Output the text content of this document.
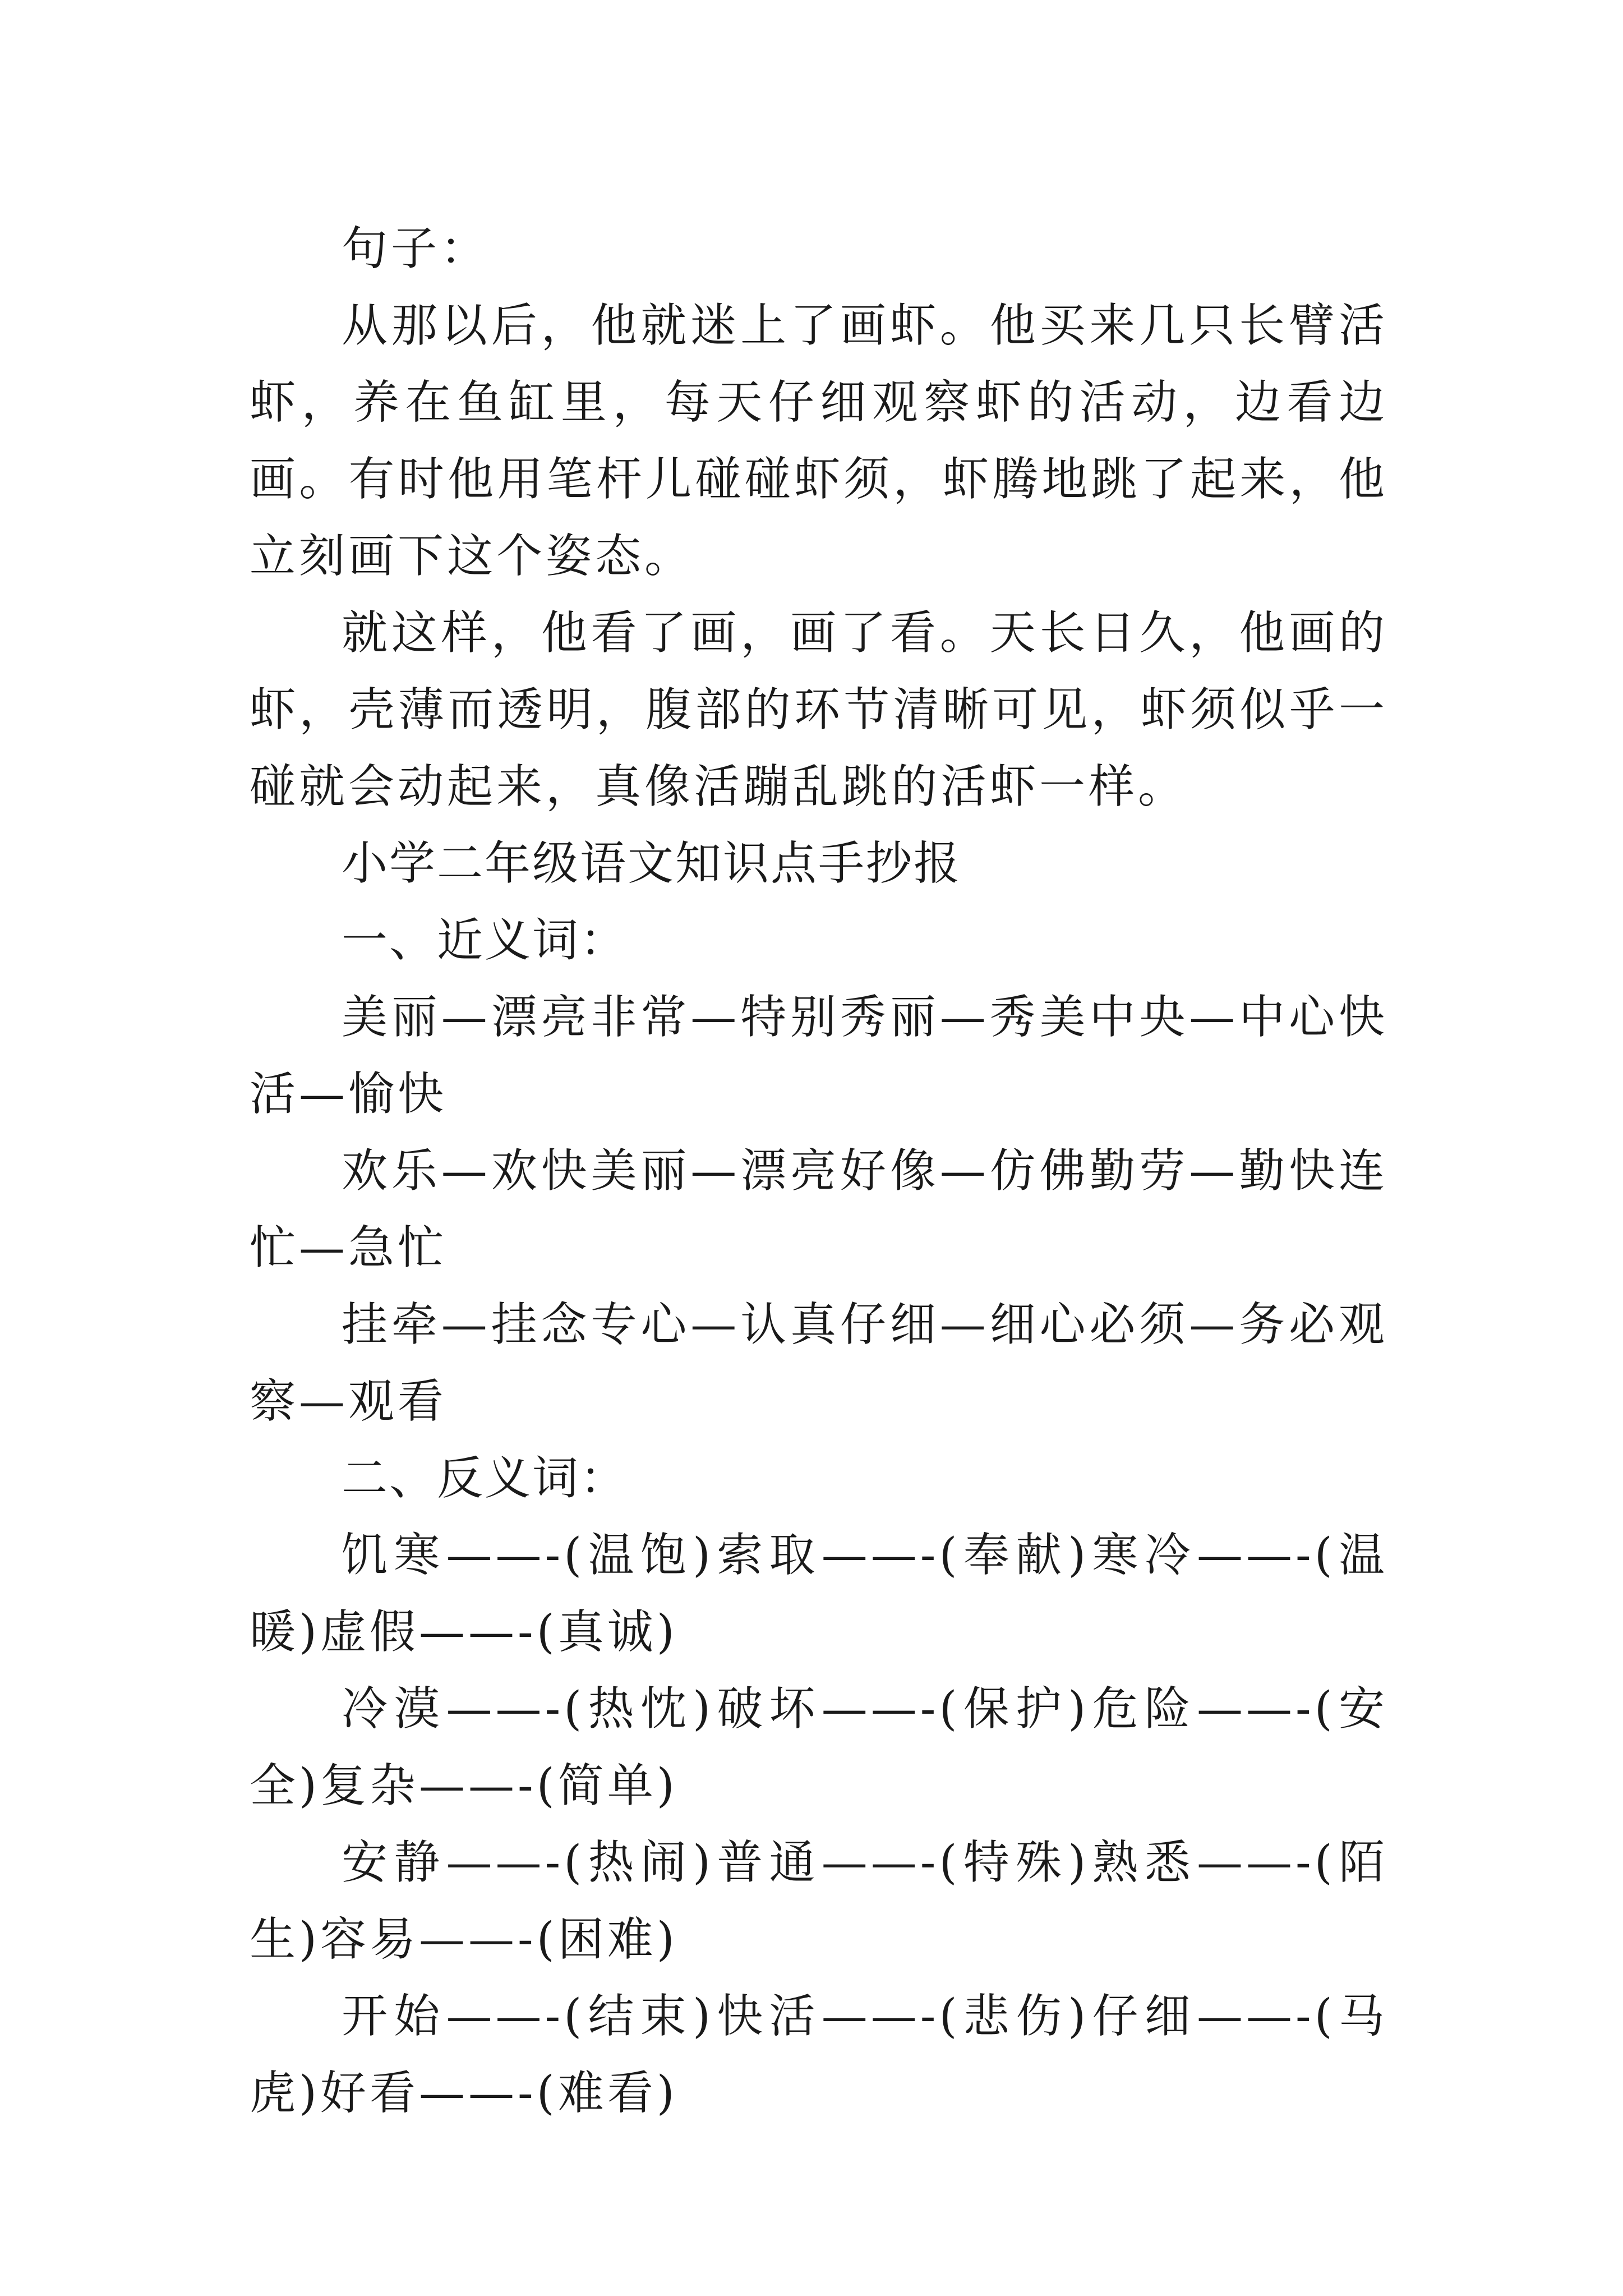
句子：

从那以后，他就迷上了画虾。他买来几只长臂活虾，养在鱼缸里，每天仔细观察虾的活动，边看边画。有时他用笔杆儿碰碰虾须，虾腾地跳了起来，他立刻画下这个姿态。

就这样，他看了画，画了看。天长日久，他画的虾，壳薄而透明，腹部的环节清晰可见，虾须似乎一碰就会动起来，真像活蹦乱跳的活虾一样。

小学二年级语文知识点手抄报

一、近义词：

美丽—漂亮非常—特别秀丽—秀美中央—中心快活—愉快

欢乐—欢快美丽—漂亮好像—仿佛勤劳—勤快连忙—急忙

挂牵—挂念专心—认真仔细—细心必须—务必观察—观看

二、反义词：

饥寒——-(温饱)索取——-(奉献)寒冷——-(温暖)虚假——-(真诚)

冷漠——-(热忱)破坏——-(保护)危险——-(安全)复杂——-(简单)

安静——-(热闹)普通——-(特殊)熟悉——-(陌生)容易——-(困难)

开始——-(结束)快活——-(悲伤)仔细——-(马虎)好看——-(难看)
